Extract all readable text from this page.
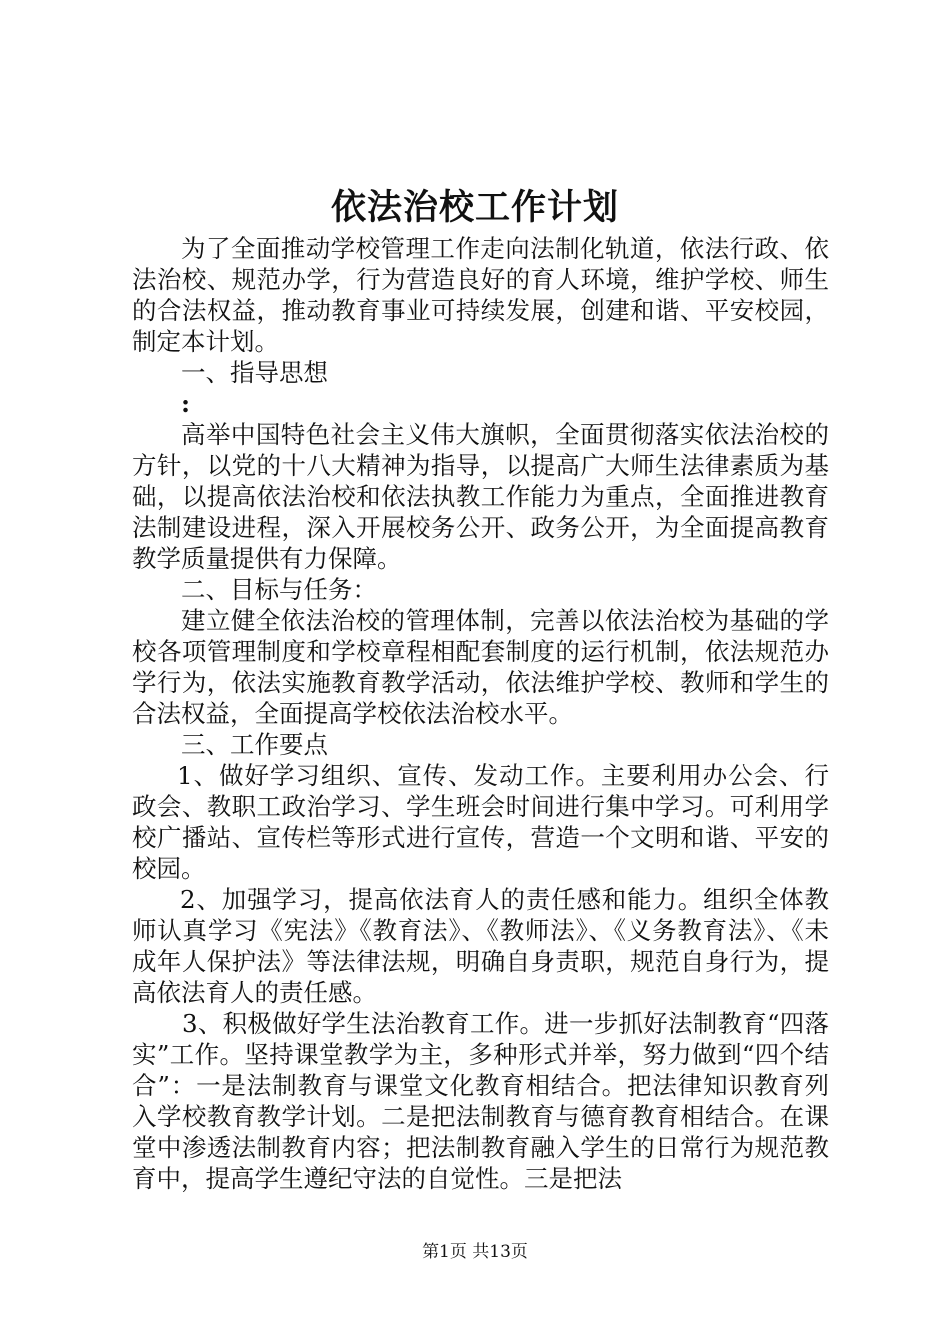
依法治校工作计划

为了全面推动学校管理工作走向法制化轨道，依法行政、依法治校、规范办学，行为营造良好的育人环境，维护学校、师生的合法权益，推动教育事业可持续发展，创建和谐、平安校园，制定本计划。

一、指导思想

:

高举中国特色社会主义伟大旗帜，全面贯彻落实依法治校的方针，以党的十八大精神为指导，以提高广大师生法律素质为基础，以提高依法治校和依法执教工作能力为重点，全面推进教育法制建设进程，深入开展校务公开、政务公开，为全面提高教育教学质量提供有力保障。

二、目标与任务：

建立健全依法治校的管理体制，完善以依法治校为基础的学校各项管理制度和学校章程相配套制度的运行机制，依法规范办学行为，依法实施教育教学活动，依法维护学校、教师和学生的合法权益，全面提高学校依法治校水平。

三、工作要点

1、做好学习组织、宣传、发动工作。主要利用办公会、行政会、教职工政治学习、学生班会时间进行集中学习。可利用学校广播站、宣传栏等形式进行宣传，营造一个文明和谐、平安的校园。

2、加强学习，提高依法育人的责任感和能力。组织全体教师认真学习《宪法》《教育法》、《教师法》、《义务教育法》、《未成年人保护法》等法律法规，明确自身责职，规范自身行为，提高依法育人的责任感。

3、积极做好学生法治教育工作。进一步抓好法制教育“四落实”工作。坚持课堂教学为主，多种形式并举，努力做到“四个结合”：一是法制教育与课堂文化教育相结合。把法律知识教育列入学校教育教学计划。二是把法制教育与德育教育相结合。在课堂中渗透法制教育内容；把法制教育融入学生的日常行为规范教育中，提高学生遵纪守法的自觉性。三是把法

第1页 共13页
